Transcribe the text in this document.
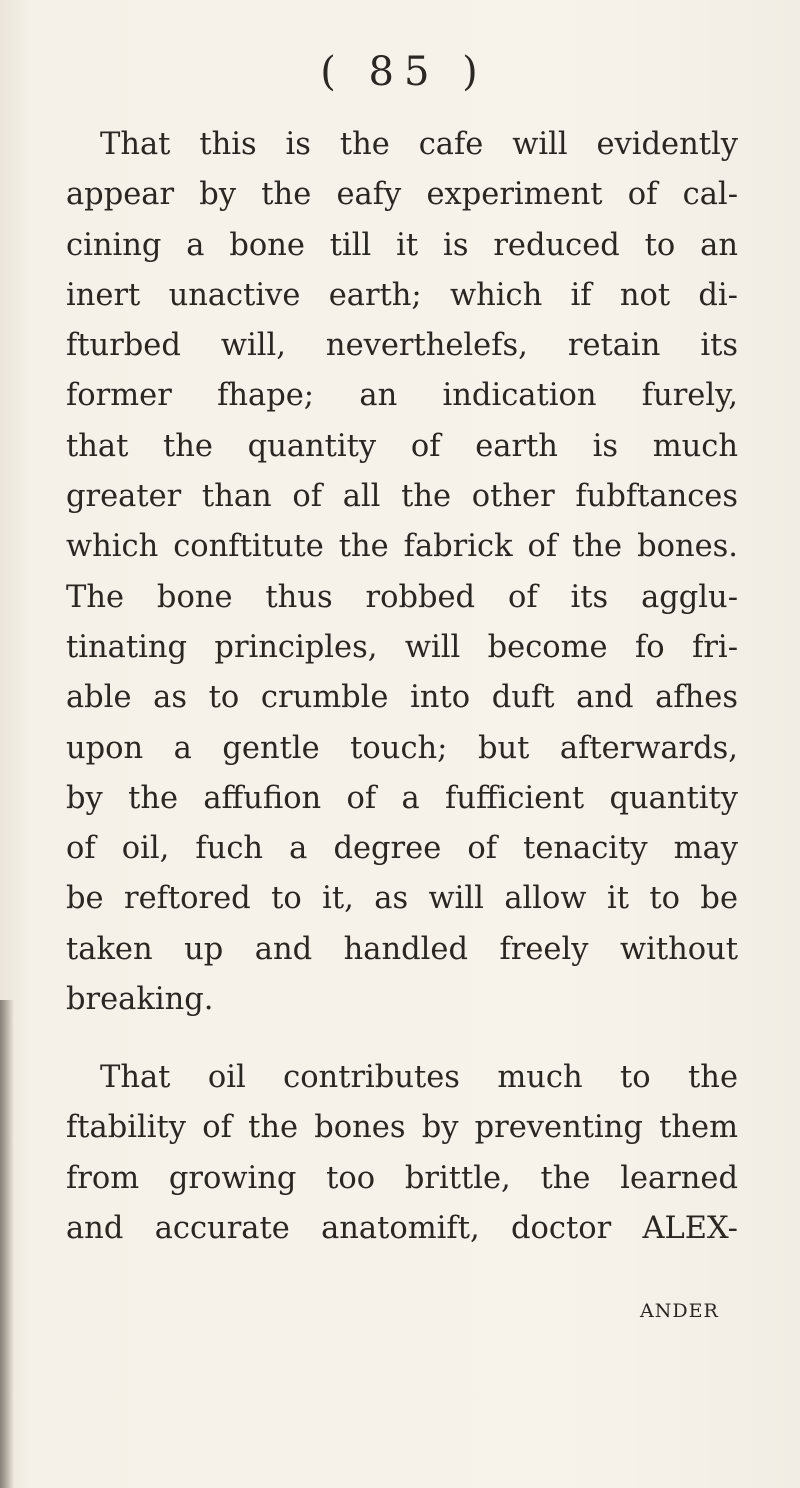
( 85 )
That this is the cafe will evidently
appear by the eafy experiment of cal-
cining a bone till it is reduced to an
inert unactive earth; which if not di-
fturbed will, neverthelefs, retain its
former fhape; an indication furely,
that the quantity of earth is much
greater than of all the other fubftances
which conftitute the fabrick of the bones.
The bone thus robbed of its agglu-
tinating principles, will become fo fri-
able as to crumble into duft and afhes
upon a gentle touch; but afterwards,
by the affufion of a fufficient quantity
of oil, fuch a degree of tenacity may
be reftored to it, as will allow it to be
taken up and handled freely without
breaking.
That oil contributes much to the
ftability of the bones by preventing them
from growing too brittle, the learned
and accurate anatomift, doctor ALEX-
ANDER
